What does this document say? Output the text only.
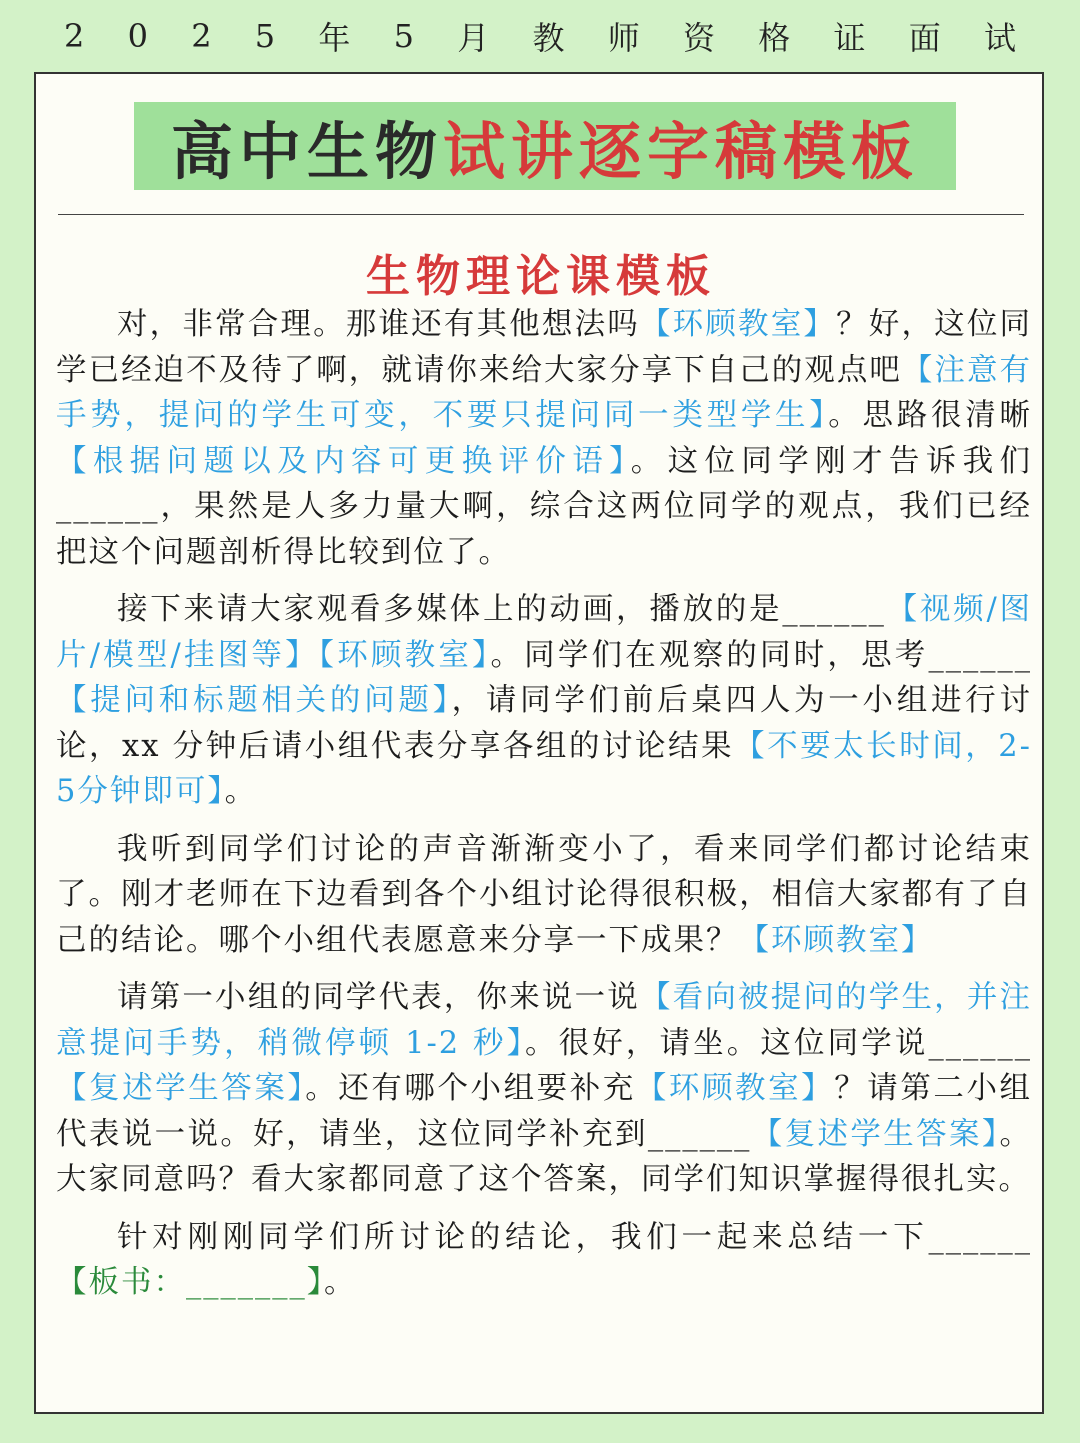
2 0 2 5 年 5 月 教 师 资 格 证 面 试
高中生物 试讲逐字稿模板
生物理论课模板

对，非常合理。那谁还有其他想法吗【环顾教室】？好，这位同学已经迫不及待了啊，就请你来给大家分享下自己的观点吧【注意有手势，提问的学生可变，不要只提问同一类型学生】。思路很清晰【根据问题以及内容可更换评价语】。这位同学刚才告诉我们______，果然是人多力量大啊，综合这两位同学的观点，我们已经把这个问题剖析得比较到位了。

接下来请大家观看多媒体上的动画，播放的是______【视频/图片/模型/挂图等】【环顾教室】。同学们在观察的同时，思考______【提问和标题相关的问题】，请同学们前后桌四人为一小组进行讨论，xx 分钟后请小组代表分享各组的讨论结果【不要太长时间，2-5分钟即可】。

我听到同学们讨论的声音渐渐变小了，看来同学们都讨论结束了。刚才老师在下边看到各个小组讨论得很积极，相信大家都有了自己的结论。哪个小组代表愿意来分享一下成果？【环顾教室】

请第一小组的同学代表，你来说一说【看向被提问的学生，并注意提问手势，稍微停顿 1-2 秒】。很好，请坐。这位同学说______【复述学生答案】。还有哪个小组要补充【环顾教室】？请第二小组代表说一说。好，请坐，这位同学补充到______【复述学生答案】。大家同意吗？看大家都同意了这个答案，同学们知识掌握得很扎实。

针对刚刚同学们所讨论的结论，我们一起来总结一下______【板书：_______】。
